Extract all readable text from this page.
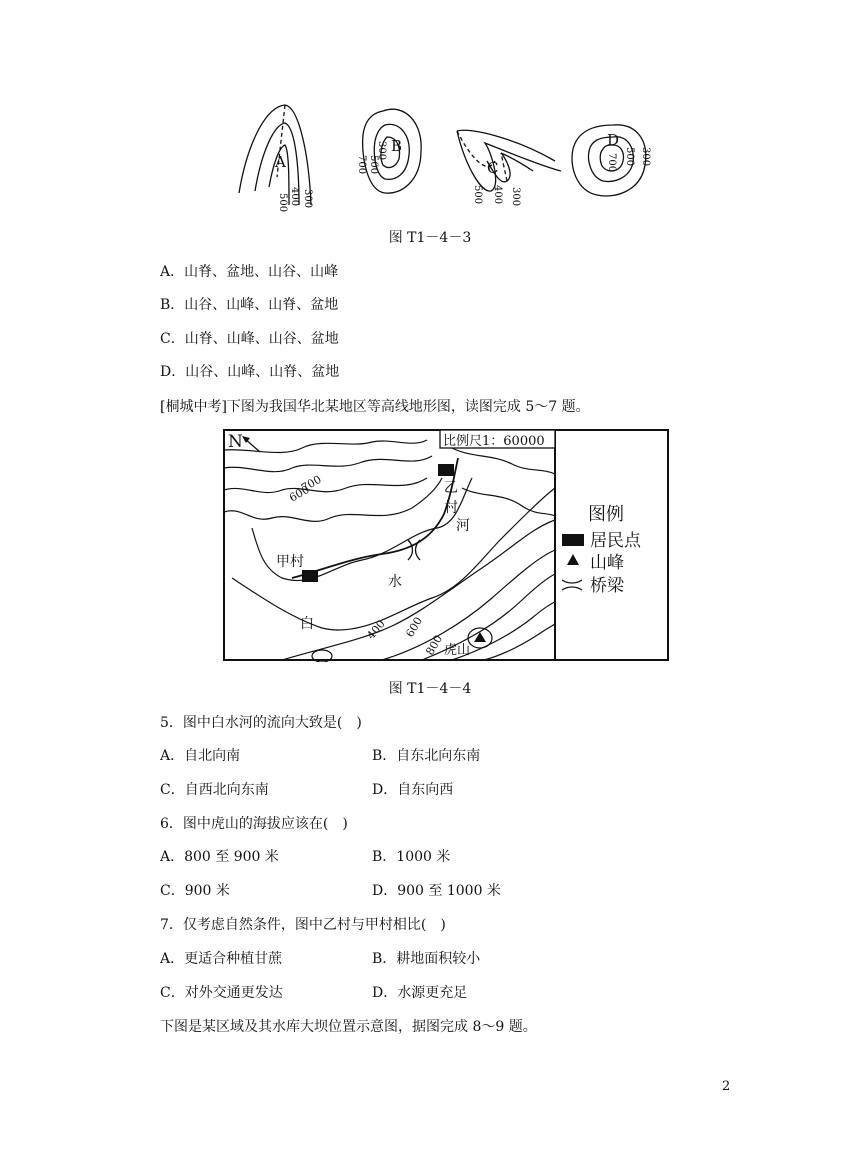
A
B
C
D
500 400 300
700 500
300
500 400 300
700 500 300
图 T1－4－3
A．山脊、盆地、山谷、山峰
B．山谷、山峰、山脊、盆地
C．山脊、山峰、山谷、盆地
D．山谷、山峰、山脊、盆地
[桐城中考]下图为我国华北某地区等高线地形图，读图完成 5～7 题。
N	比例尺1：60000
甲村
乙
村
河
水
白
虎山
700
600
400 600
800
图例
居民点
山峰
桥梁
图 T1－4－4
5．图中白水河的流向大致是(　)
A．自北向南	B．自东北向东南
C．自西北向东南	D．自东向西
6．图中虎山的海拔应该在(　)
A．800 至 900 米	B．1000 米
C．900 米	D．900 至 1000 米
7．仅考虑自然条件，图中乙村与甲村相比(　)
A．更适合种植甘蔗	B．耕地面积较小
C．对外交通更发达	D．水源更充足
下图是某区域及其水库大坝位置示意图，据图完成 8～9 题。
2
